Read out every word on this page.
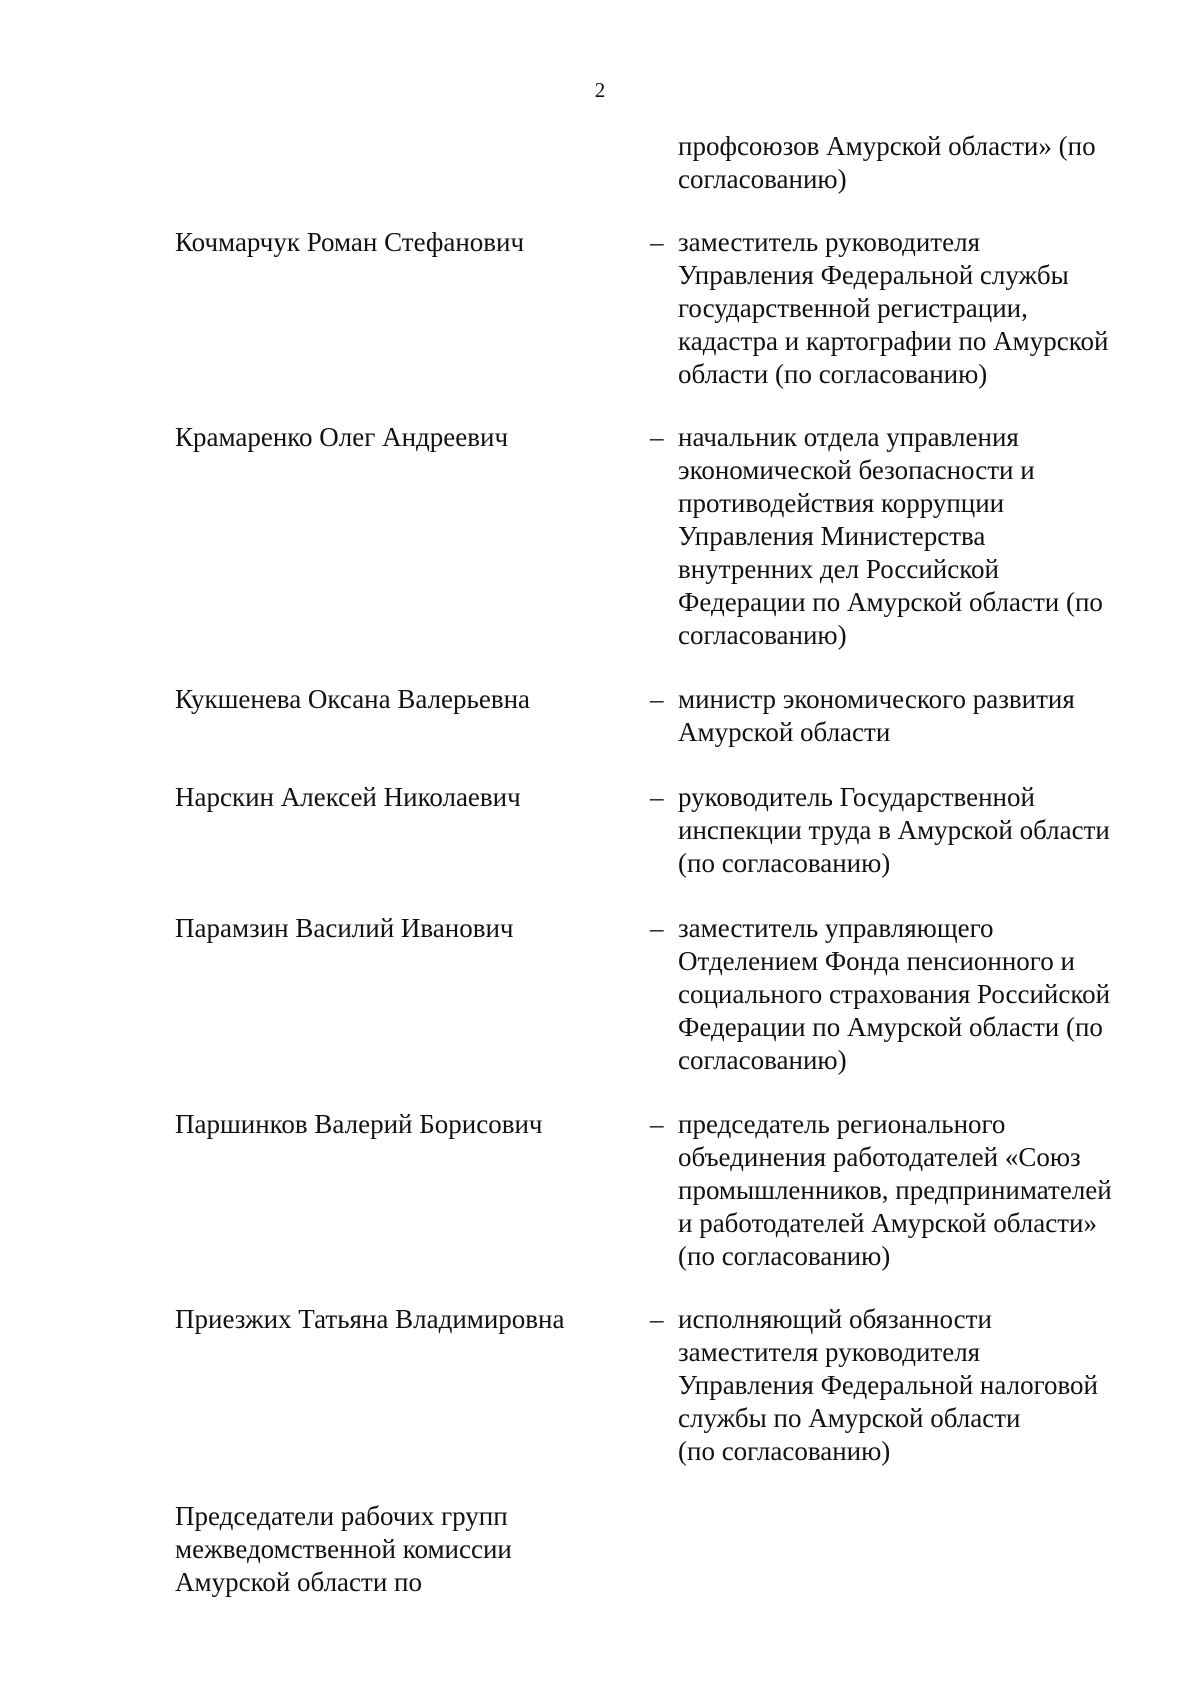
2
профсоюзов Амурской области» (по
согласованию)
Кочмарчук Роман Стефанович	– заместитель руководителя
Управления Федеральной службы
государственной регистрации,
кадастра и картографии по Амурской
области (по согласованию)
Крамаренко Олег Андреевич	– начальник отдела управления
экономической безопасности и
противодействия коррупции
Управления Министерства
внутренних дел Российской
Федерации по Амурской области (по
согласованию)
Кукшенева Оксана Валерьевна	– министр экономического развития
Амурской области
Нарскин Алексей Николаевич	– руководитель Государственной
инспекции труда в Амурской области
(по согласованию)
Парамзин Василий Иванович	– заместитель управляющего
Отделением Фонда пенсионного и
социального страхования Российской
Федерации по Амурской области (по
согласованию)
Паршинков Валерий Борисович	– председатель регионального
объединения работодателей «Союз
промышленников, предпринимателей
и работодателей Амурской области»
(по согласованию)
Приезжих Татьяна Владимировна	– исполняющий обязанности
заместителя руководителя
Управления Федеральной налоговой
службы по Амурской области
(по согласованию)
Председатели рабочих групп
межведомственной комиссии
Амурской области по
